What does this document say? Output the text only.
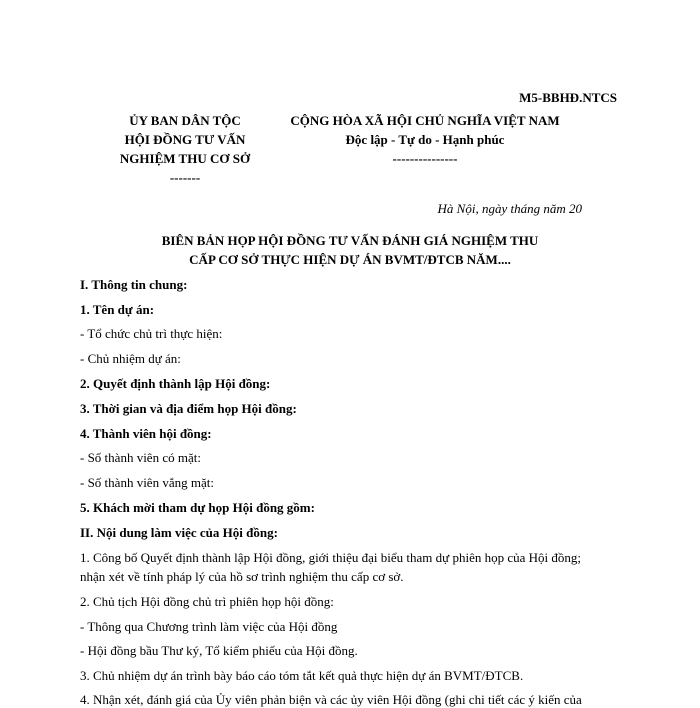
M5-BBHĐ.NTCS
ỦY BAN DÂN TỘC
HỘI ĐỒNG TƯ VẤN
NGHIỆM THU CƠ SỞ
-------
CỘNG HÒA XÃ HỘI CHỦ NGHĨA VIỆT NAM
Độc lập - Tự do - Hạnh phúc
---------------
Hà Nội, ngày tháng năm 20
BIÊN BẢN HỌP HỘI ĐỒNG TƯ VẤN ĐÁNH GIÁ NGHIỆM THU
CẤP CƠ SỞ THỰC HIỆN DỰ ÁN BVMT/ĐTCB NĂM....
I. Thông tin chung:
1. Tên dự án:
- Tổ chức chủ trì thực hiện:
- Chủ nhiệm dự án:
2. Quyết định thành lập Hội đồng:
3. Thời gian và địa điểm họp Hội đồng:
4. Thành viên hội đồng:
- Số thành viên có mặt:
- Số thành viên vắng mặt:
5. Khách mời tham dự họp Hội đồng gồm:
II. Nội dung làm việc của Hội đồng:
1. Công bố Quyết định thành lập Hội đồng, giới thiệu đại biểu tham dự phiên họp của Hội đồng;
nhận xét về tính pháp lý của hồ sơ trình nghiệm thu cấp cơ sở.
2. Chủ tịch Hội đồng chủ trì phiên họp hội đồng:
- Thông qua Chương trình làm việc của Hội đồng
- Hội đồng bầu Thư ký, Tổ kiểm phiếu của Hội đồng.
3. Chủ nhiệm dự án trình bày báo cáo tóm tắt kết quả thực hiện dự án BVMT/ĐTCB.
4. Nhận xét, đánh giá của Ủy viên phản biện và các ủy viên Hội đồng (ghi chi tiết các ý kiến của
